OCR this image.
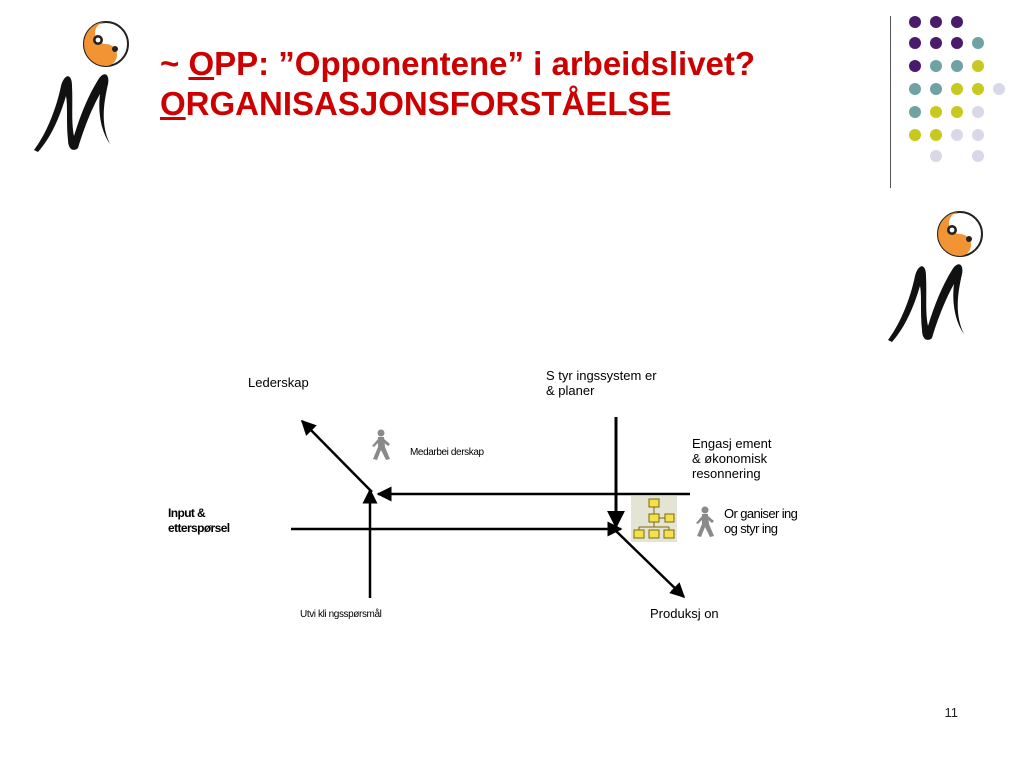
~ OPP: ”Opponentene” i arbeidslivet?
ORGANISASJONSFORSTÅELSE
Lederskap	S tyr ingssystem er
& planer
Medarbei derskap
Engasj ement
& økonomisk
resonnering
Input &
etterspørsel
Or ganiser ing
og styr ing
Utvi kli ngsspørsmål	Produksj on
11
